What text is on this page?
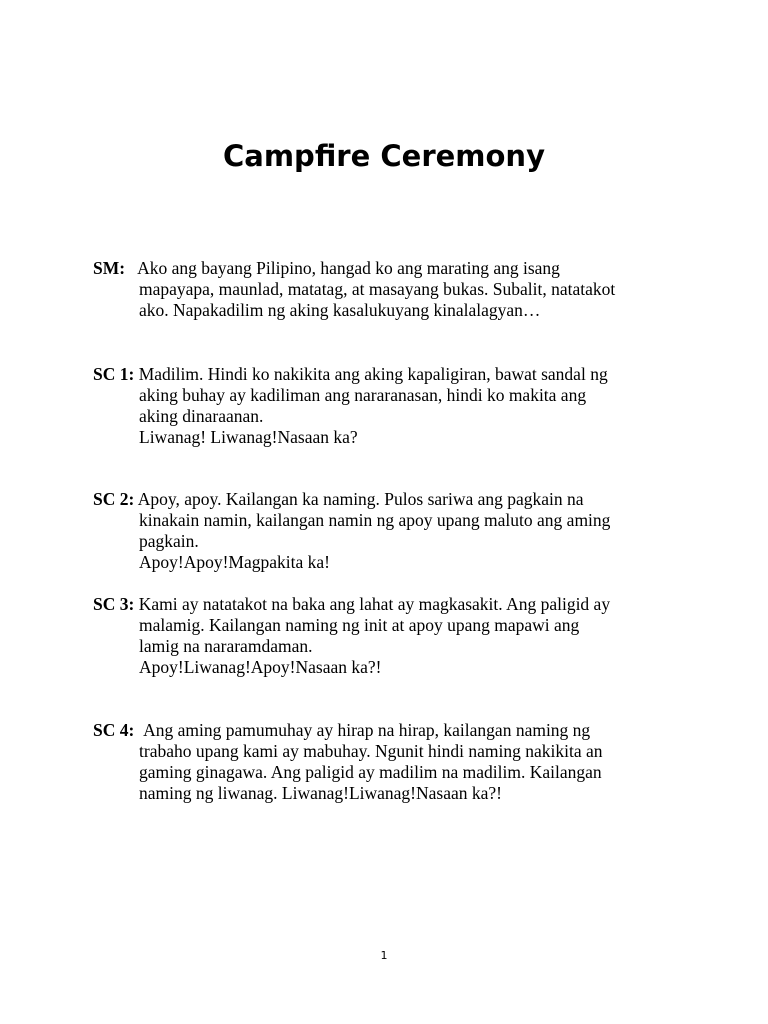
Campfire Ceremony
SM: Ako ang bayang Pilipino, hangad ko ang marating ang isang
mapayapa, maunlad, matatag, at masayang bukas. Subalit, natatakot
ako. Napakadilim ng aking kasalukuyang kinalalagyan…
SC 1: Madilim. Hindi ko nakikita ang aking kapaligiran, bawat sandal ng
aking buhay ay kadiliman ang nararanasan, hindi ko makita ang
aking dinaraanan.
Liwanag! Liwanag!Nasaan ka?
SC 2: Apoy, apoy. Kailangan ka naming. Pulos sariwa ang pagkain na
kinakain namin, kailangan namin ng apoy upang maluto ang aming
pagkain.
Apoy!Apoy!Magpakita ka!
SC 3: Kami ay natatakot na baka ang lahat ay magkasakit. Ang paligid ay
malamig. Kailangan naming ng init at apoy upang mapawi ang
lamig na nararamdaman.
Apoy!Liwanag!Apoy!Nasaan ka?!
SC 4: Ang aming pamumuhay ay hirap na hirap, kailangan naming ng
trabaho upang kami ay mabuhay. Ngunit hindi naming nakikita an
gaming ginagawa. Ang paligid ay madilim na madilim. Kailangan
naming ng liwanag. Liwanag!Liwanag!Nasaan ka?!
1
